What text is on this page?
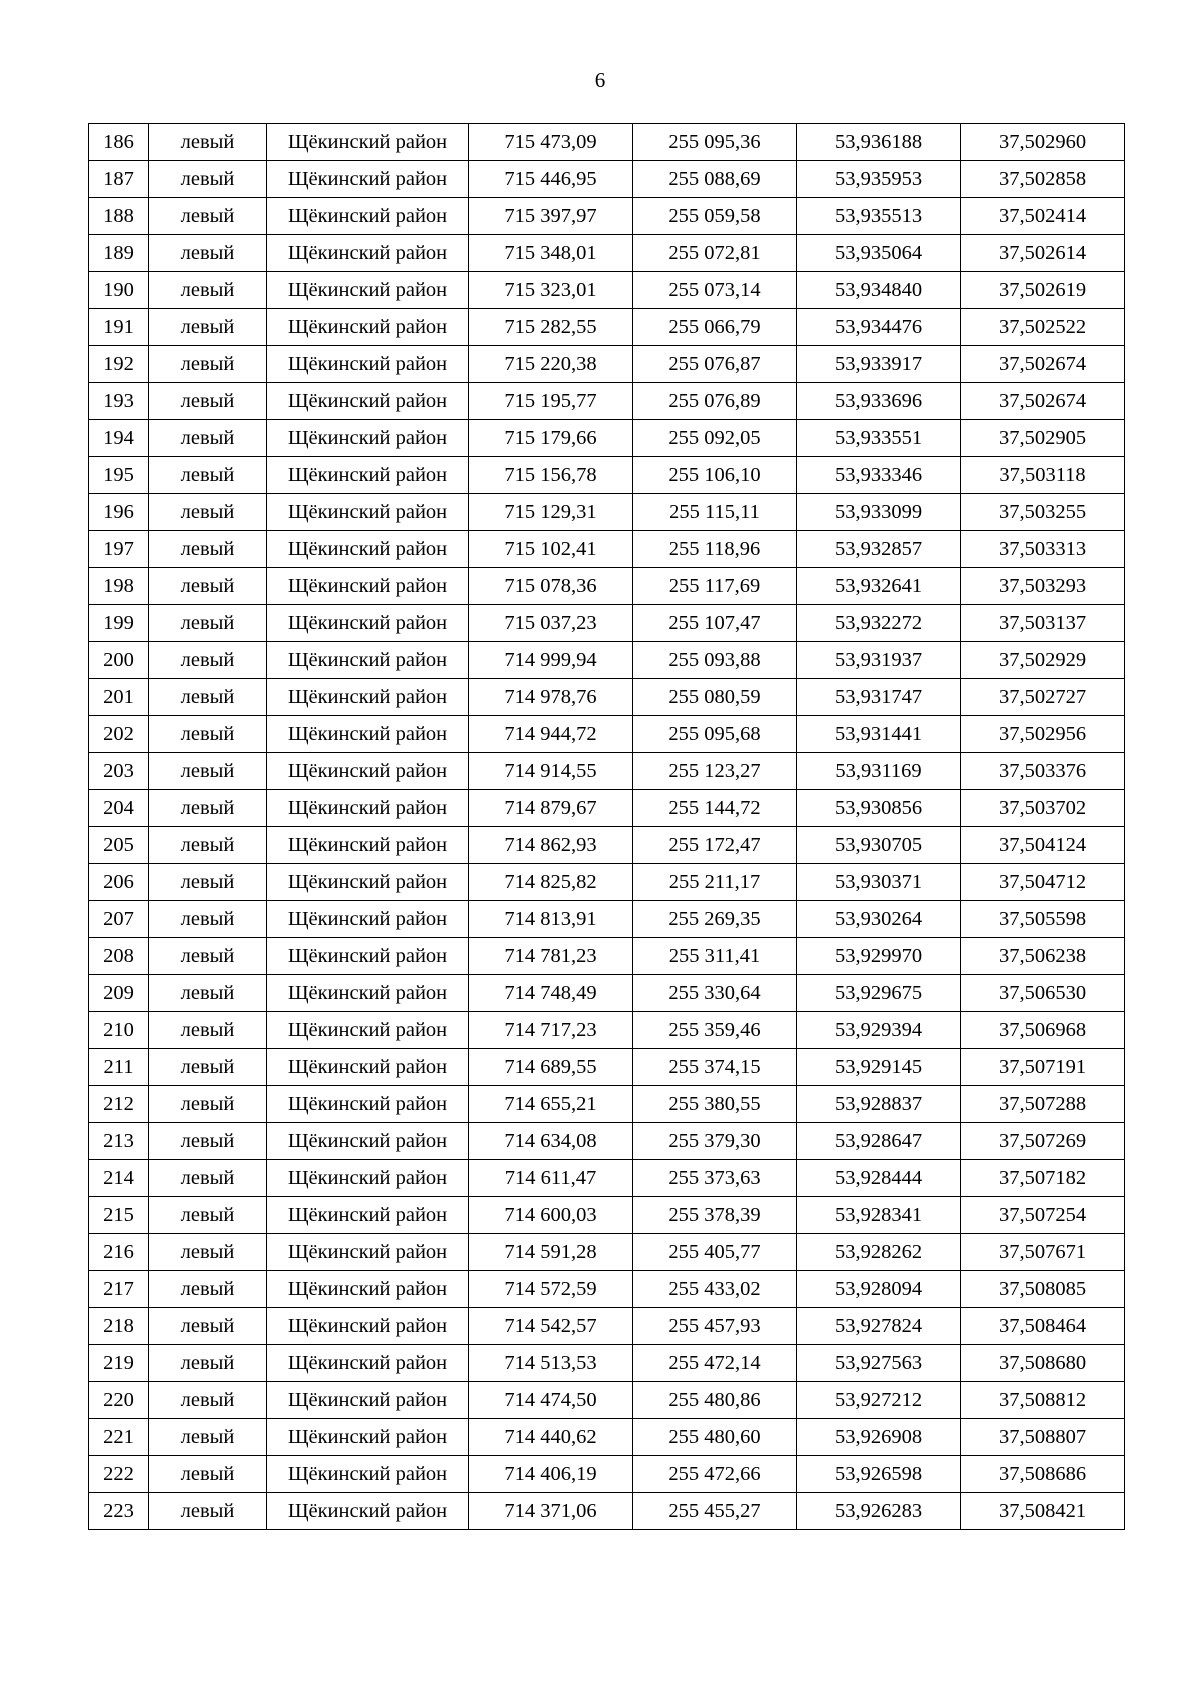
6
186	левый	Щёкинский район	715 473,09	255 095,36	53,936188	37,502960
187	левый	Щёкинский район	715 446,95	255 088,69	53,935953	37,502858
188	левый	Щёкинский район	715 397,97	255 059,58	53,935513	37,502414
189	левый	Щёкинский район	715 348,01	255 072,81	53,935064	37,502614
190	левый	Щёкинский район	715 323,01	255 073,14	53,934840	37,502619
191	левый	Щёкинский район	715 282,55	255 066,79	53,934476	37,502522
192	левый	Щёкинский район	715 220,38	255 076,87	53,933917	37,502674
193	левый	Щёкинский район	715 195,77	255 076,89	53,933696	37,502674
194	левый	Щёкинский район	715 179,66	255 092,05	53,933551	37,502905
195	левый	Щёкинский район	715 156,78	255 106,10	53,933346	37,503118
196	левый	Щёкинский район	715 129,31	255 115,11	53,933099	37,503255
197	левый	Щёкинский район	715 102,41	255 118,96	53,932857	37,503313
198	левый	Щёкинский район	715 078,36	255 117,69	53,932641	37,503293
199	левый	Щёкинский район	715 037,23	255 107,47	53,932272	37,503137
200	левый	Щёкинский район	714 999,94	255 093,88	53,931937	37,502929
201	левый	Щёкинский район	714 978,76	255 080,59	53,931747	37,502727
202	левый	Щёкинский район	714 944,72	255 095,68	53,931441	37,502956
203	левый	Щёкинский район	714 914,55	255 123,27	53,931169	37,503376
204	левый	Щёкинский район	714 879,67	255 144,72	53,930856	37,503702
205	левый	Щёкинский район	714 862,93	255 172,47	53,930705	37,504124
206	левый	Щёкинский район	714 825,82	255 211,17	53,930371	37,504712
207	левый	Щёкинский район	714 813,91	255 269,35	53,930264	37,505598
208	левый	Щёкинский район	714 781,23	255 311,41	53,929970	37,506238
209	левый	Щёкинский район	714 748,49	255 330,64	53,929675	37,506530
210	левый	Щёкинский район	714 717,23	255 359,46	53,929394	37,506968
211	левый	Щёкинский район	714 689,55	255 374,15	53,929145	37,507191
212	левый	Щёкинский район	714 655,21	255 380,55	53,928837	37,507288
213	левый	Щёкинский район	714 634,08	255 379,30	53,928647	37,507269
214	левый	Щёкинский район	714 611,47	255 373,63	53,928444	37,507182
215	левый	Щёкинский район	714 600,03	255 378,39	53,928341	37,507254
216	левый	Щёкинский район	714 591,28	255 405,77	53,928262	37,507671
217	левый	Щёкинский район	714 572,59	255 433,02	53,928094	37,508085
218	левый	Щёкинский район	714 542,57	255 457,93	53,927824	37,508464
219	левый	Щёкинский район	714 513,53	255 472,14	53,927563	37,508680
220	левый	Щёкинский район	714 474,50	255 480,86	53,927212	37,508812
221	левый	Щёкинский район	714 440,62	255 480,60	53,926908	37,508807
222	левый	Щёкинский район	714 406,19	255 472,66	53,926598	37,508686
223	левый	Щёкинский район	714 371,06	255 455,27	53,926283	37,508421
